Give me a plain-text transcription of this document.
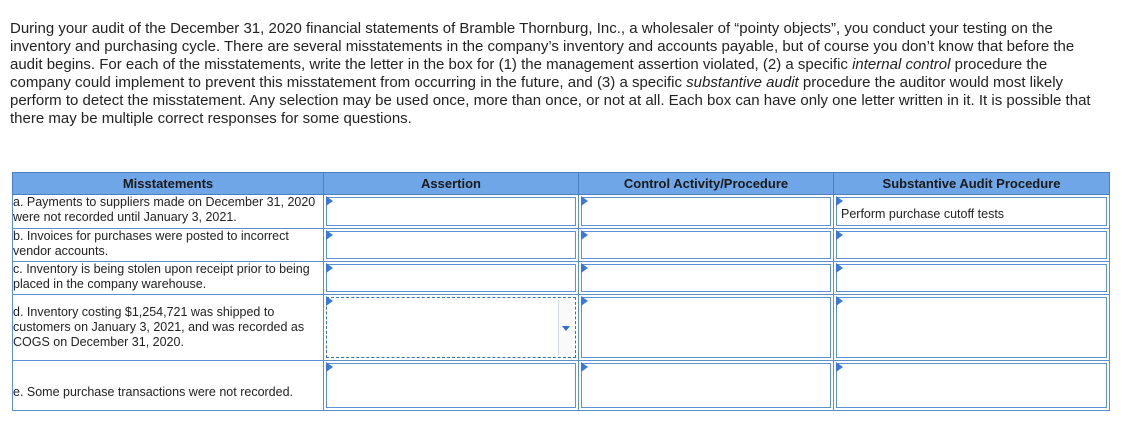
During your audit of the December 31, 2020 financial statements of Bramble Thornburg, Inc., a wholesaler of “pointy objects”, you conduct your testing on the inventory and purchasing cycle. There are several misstatements in the company’s inventory and accounts payable, but of course you don’t know that before the audit begins. For each of the misstatements, write the letter in the box for (1) the management assertion violated, (2) a specific internal control procedure the company could implement to prevent this misstatement from occurring in the future, and (3) a specific substantive audit procedure the auditor would most likely perform to detect the misstatement. Any selection may be used once, more than once, or not at all. Each box can have only one letter written in it. It is possible that there may be multiple correct responses for some questions.

Misstatements	Assertion	Control Activity/Procedure	Substantive Audit Procedure
a. Payments to suppliers made on December 31, 2020 were not recorded until January 3, 2021.			Perform purchase cutoff tests

b. Invoices for purchases were posted to incorrect vendor accounts.	

c. Inventory is being stolen upon receipt prior to being placed in the company warehouse.	

d. Inventory costing $1,254,721 was shipped to customers on January 3, 2021, and was recorded as COGS on December 31, 2020.	

e. Some purchase transactions were not recorded.	
